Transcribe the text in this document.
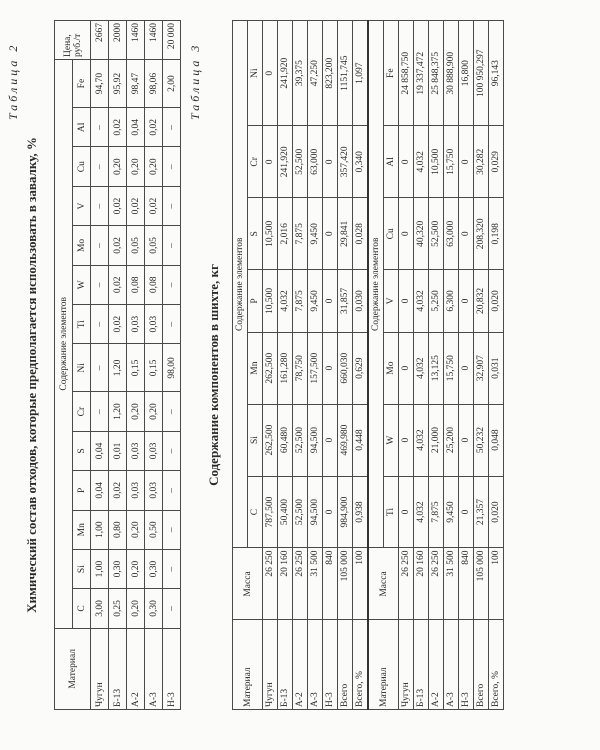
Таблица 2
Химический состав отходов, которые предполагается использовать в завалку, %
Материал	Содержание элементов														Цена, руб./т
	C	Si	Mn	P	S	Cr	Ni	Ti	W	Mo	V	Cu	Al	Fe	
Чугун	3,00	1,00	1,00	0,04	0,04	–	–	–	–	–	–	–	–	94,70	2667
Б-13	0,25	0,30	0,80	0,02	0,01	1,20	1,20	0,02	0,02	0,02	0,02	0,20	0,02	95,92	2000
А-2	0,20	0,20	0,20	0,03	0,03	0,20	0,15	0,03	0,08	0,05	0,02	0,20	0,04	98,47	1460
А-3	0,30	0,30	0,50	0,03	0,03	0,20	0,15	0,03	0,08	0,05	0,02	0,20	0,02	98,06	1460
Н-3	–	–	–	–	–	–	98,00	–	–	–	–	–	–	2,00	20 000
Таблица 3
Содержание компонентов в шихте, кг
Материал	Масса	Содержание элементов						
		C	Si	Mn	P	S	Cr	Ni
Чугун	26 250	787,500	262,500	262,500	10,500	10,500	0	0
Б-13	20 160	50,400	60,480	161,280	4,032	2,016	241,920	241,920
А-2	26 250	52,500	52,500	78,750	7,875	7,875	52,500	39,375
А-3	31 500	94,500	94,500	157,500	9,450	9,450	63,000	47,250
Н-3	840	0	0	0	0	0	0	823,200
Всего	105 000	984,900	469,980	660,030	31,857	29,841	357,420	1151,745
Всего, %	100	0,938	0,448	0,629	0,030	0,028	0,340	1,097
Материал	Масса	Содержание элементов						
		Ti	W	Mo	V	Cu	Al	Fe
Чугун	26 250	0	0	0	0	0	0	24 858,750
Б-13	20 160	4,032	4,032	4,032	4,032	40,320	4,032	19 337,472
А-2	26 250	7,875	21,000	13,125	5,250	52,500	10,500	25 848,375
А-3	31 500	9,450	25,200	15,750	6,300	63,000	15,750	30 888,900
Н-3	840	0	0	0	0	0	0	16,800
Всего	105 000	21,357	50,232	32,907	20,832	208,320	30,282	100 950,297
Всего, %	100	0,020	0,048	0,031	0,020	0,198	0,029	96,143
